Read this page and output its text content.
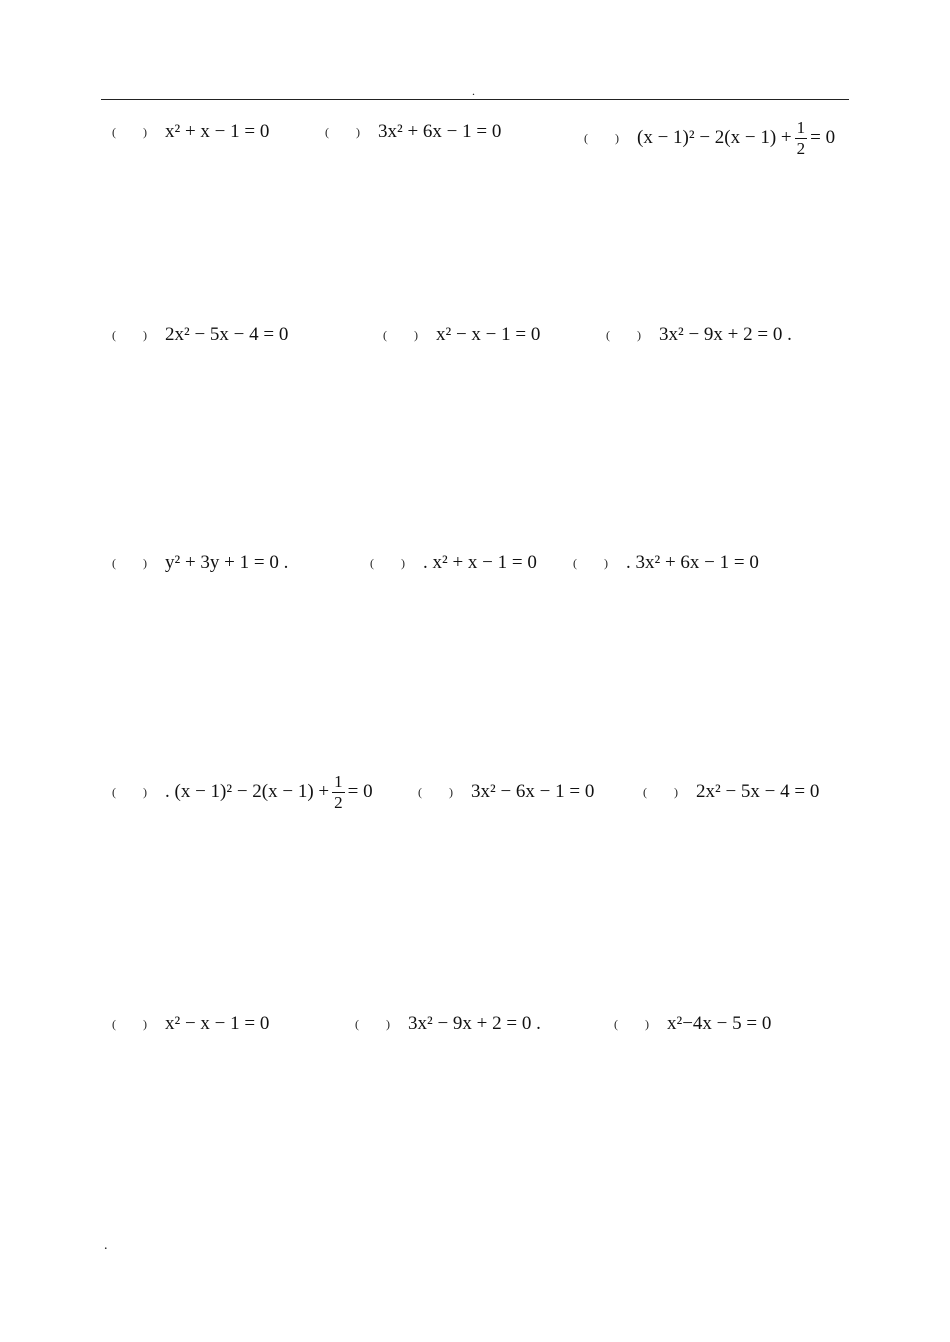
.
( ) x² + x − 1 = 0	( ) 3x² + 6x − 1 = 0	( ) $(x - 1)^2 - 2(x - 1) + \frac{1}{2} = 0$
( ) 2x² − 5x − 4 = 0	( ) x² − x − 1 = 0	( ) 3x² − 9x + 2 = 0 .
( ) y² + 3y + 1 = 0 .	( ) . x² + x − 1 = 0	( ) . 3x² + 6x − 1 = 0
( ) . $(x - 1)^2 - 2(x - 1) + \frac{1}{2} = 0$	( ) 3x² − 6x − 1 = 0	( ) 2x² − 5x − 4 = 0
( ) x² − x − 1 = 0	( ) 3x² − 9x + 2 = 0 .	( ) x²−4x − 5 = 0
.
